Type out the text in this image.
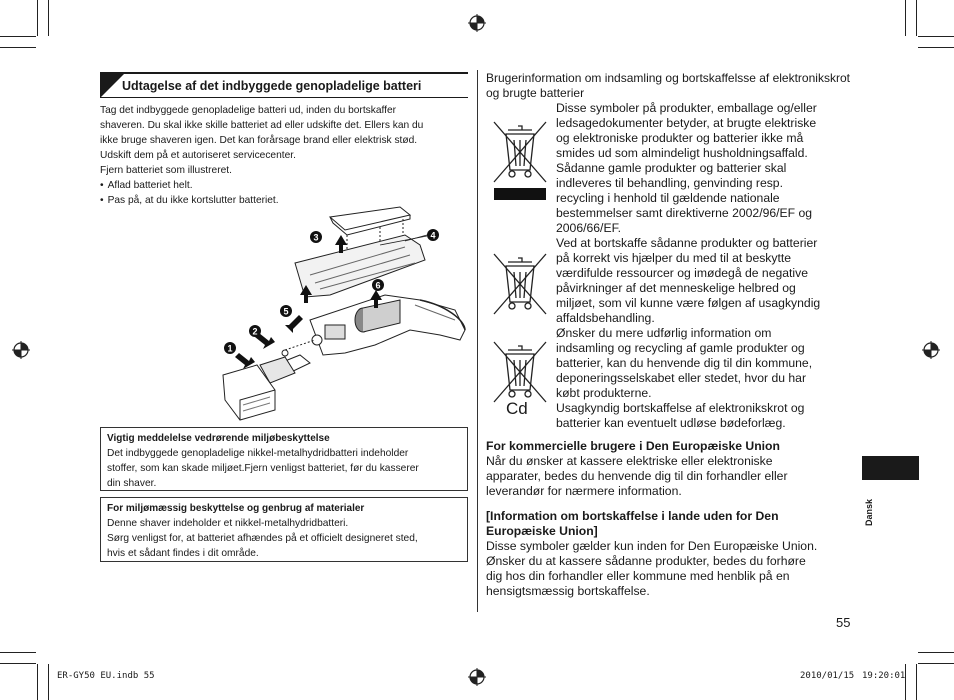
Udtagelse af det indbyggede genopladelige batteri

Tag det indbyggede genopladelige batteri ud, inden du bortskaffer

shaveren. Du skal ikke skille batteriet ad eller udskifte det. Ellers kan du

ikke bruge shaveren igen. Det kan forårsage brand eller elektrisk stød.

Udskift dem på et autoriseret servicecenter.

Fjern batteriet som illustreret.

• Aflad batteriet helt.

• Pas på, at du ikke kortslutter batteriet.

1
2
3	4
5
6
Vigtig meddelelse vedrørende miljøbeskyttelse
Det indbyggede genopladelige nikkel-metalhydridbatteri indeholder
stoffer, som kan skade miljøet.Fjern venligst batteriet, før du kasserer
din shaver.
For miljømæssig beskyttelse og genbrug af materialer
Denne shaver indeholder et nikkel-metalhydridbatteri.
Sørg venligst for, at batteriet afhændes på et officielt designeret sted,
hvis et sådant findes i dit område.
Brugerinformation om indsamling og bortskaffelsse af elektronikskrot og brugte batterier
Cd

Disse symboler på produkter, emballage og/eller

ledsagedokumenter betyder, at brugte elektriske

og elektroniske produkter og batterier ikke må

smides ud som almindeligt husholdningsaffald.

Sådanne gamle produkter og batterier skal

indleveres til behandling, genvinding resp.

recycling i henhold til gældende nationale

bestemmelser samt direktiverne 2002/96/EF og

2006/66/EF.

Ved at bortskaffe sådanne produkter og batterier

på korrekt vis hjælper du med til at beskytte

værdifulde ressourcer og imødegå de negative

påvirkninger af det menneskelige helbred og

miljøet, som vil kunne være følgen af usagkyndig

affaldsbehandling.

Ønsker du mere udførlig information om

indsamling og recycling af gamle produkter og

batterier, kan du henvende dig til din kommune,

deponeringsselskabet eller stedet, hvor du har

købt produkterne.

Usagkyndig bortskaffelse af elektronikskrot og

batterier kan eventuelt udløse bødeforlæg.

For kommercielle brugere i Den Europæiske Union
Når du ønsker at kassere elektriske eller elektroniske
apparater, bedes du henvende dig til din forhandler eller
leverandør for nærmere information.
[Information om bortskaffelse i lande uden for Den
Europæiske Union]
Disse symboler gælder kun inden for Den Europæiske Union.
Ønsker du at kassere sådanne produkter, bedes du forhøre
dig hos din forhandler eller kommune med henblik på en
hensigtsmæssig bortskaffelse.
Dansk
55
ER-GY50 EU.indb 55	2010/01/15 19:20:01
